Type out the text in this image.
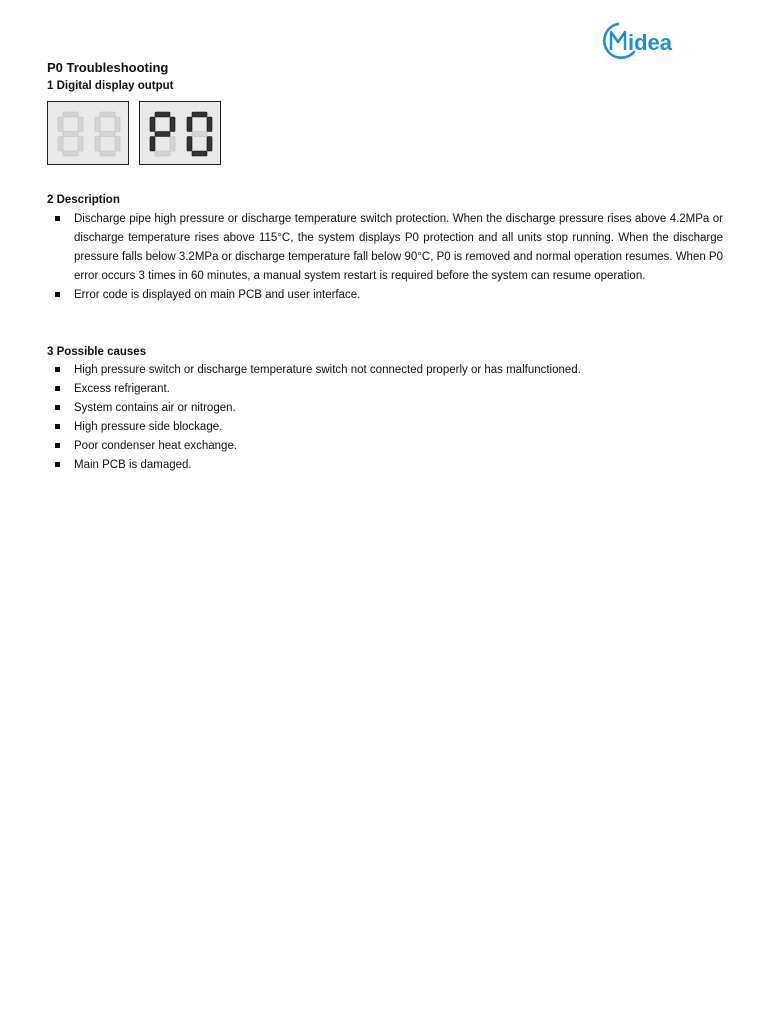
idea
P0 Troubleshooting
1 Digital display output
2 Description
Discharge pipe high pressure or discharge temperature switch protection. When the discharge pressure rises above 4.2MPa or discharge temperature rises above 115°C, the system displays P0 protection and all units stop running. When the discharge pressure falls below 3.2MPa or discharge temperature fall below 90°C, P0 is removed and normal operation resumes. When P0 error occurs 3 times in 60 minutes, a manual system restart is required before the system can resume operation.
Error code is displayed on main PCB and user interface.
3 Possible causes
High pressure switch or discharge temperature switch not connected properly or has malfunctioned.
Excess refrigerant.
System contains air or nitrogen.
High pressure side blockage.
Poor condenser heat exchange.
Main PCB is damaged.
